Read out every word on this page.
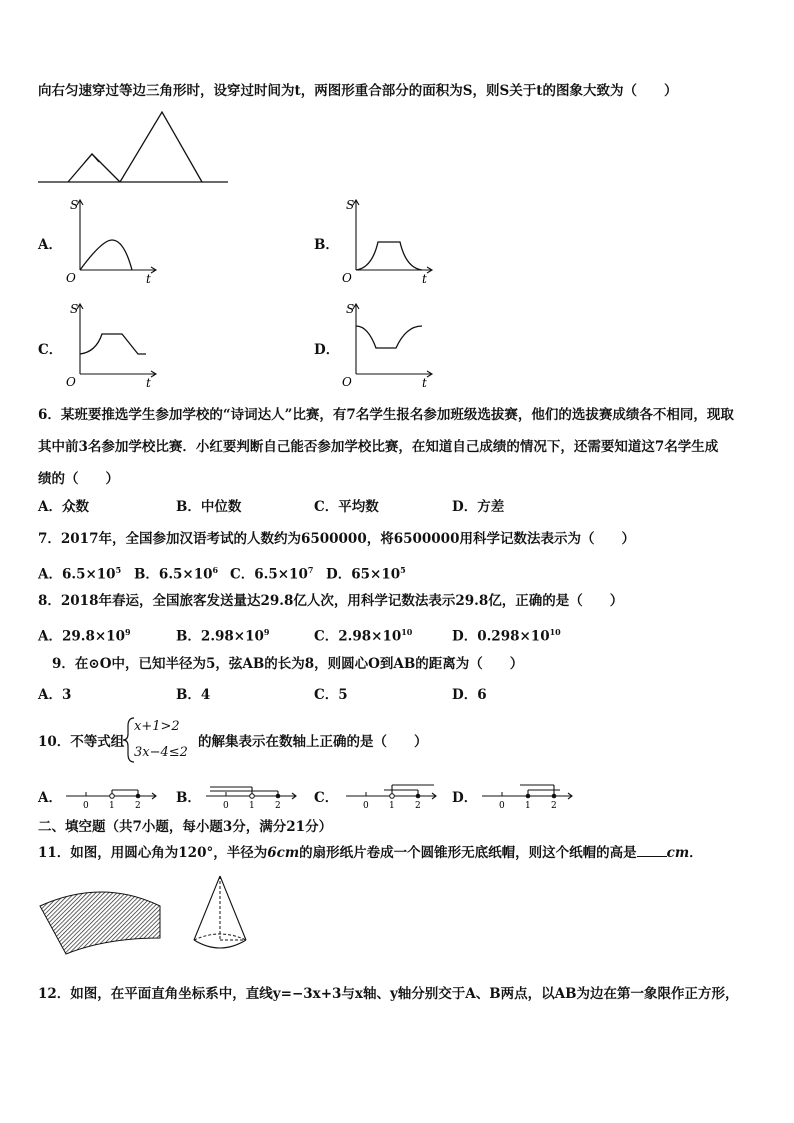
向右匀速穿过等边三角形时，设穿过时间为t，两图形重合部分的面积为S，则S关于t的图象大致为（　　）
A．
S
O	t
B．
S
O	t
C．
S
O	t
D．
S
O	t
6．某班要推选学生参加学校的“诗词达人”比赛，有7名学生报名参加班级选拔赛，他们的选拔赛成绩各不相同，现取
其中前3名参加学校比赛．小红要判断自己能否参加学校比赛，在知道自己成绩的情况下，还需要知道这7名学生成
绩的（　　）
A．众数	B．中位数	C．平均数	D．方差
7．2017年，全国参加汉语考试的人数约为6500000，将6500000用科学记数法表示为（　　）
A．$6.5\times 10^5$ B．$6.5\times 10^6$ C．$6.5\times 10^7$ D．$65\times 10^5$
8．2018年春运，全国旅客发送量达29.8亿人次，用科学记数法表示29.8亿，正确的是（　　）
A．$29.8\times 10^9$	B．$2.98\times 10^9$	C．$2.98\times 10^{10}$	D．$0.298\times 10^{10}$
9．在⊙O中，已知半径为5，弦AB的长为8，则圆心O到AB的距离为（　　）
A．3	B．4	C．5	D．6
10．不等式组
x+1>2
3x−4≤2
的解集表示在数轴上正确的是（　　）
A． 0 1 2	B． 0 1 2 C．	0 1 2 D． 0 1 2
二、填空题（共7小题，每小题3分，满分21分）
11．如图，用圆心角为120°，半径为6cm的扇形纸片卷成一个圆锥形无底纸帽，则这个纸帽的高是 cm．
12．如图，在平面直角坐标系中，直线y=−3x+3与x轴、y轴分别交于A、B两点，以AB为边在第一象限作正方形，
